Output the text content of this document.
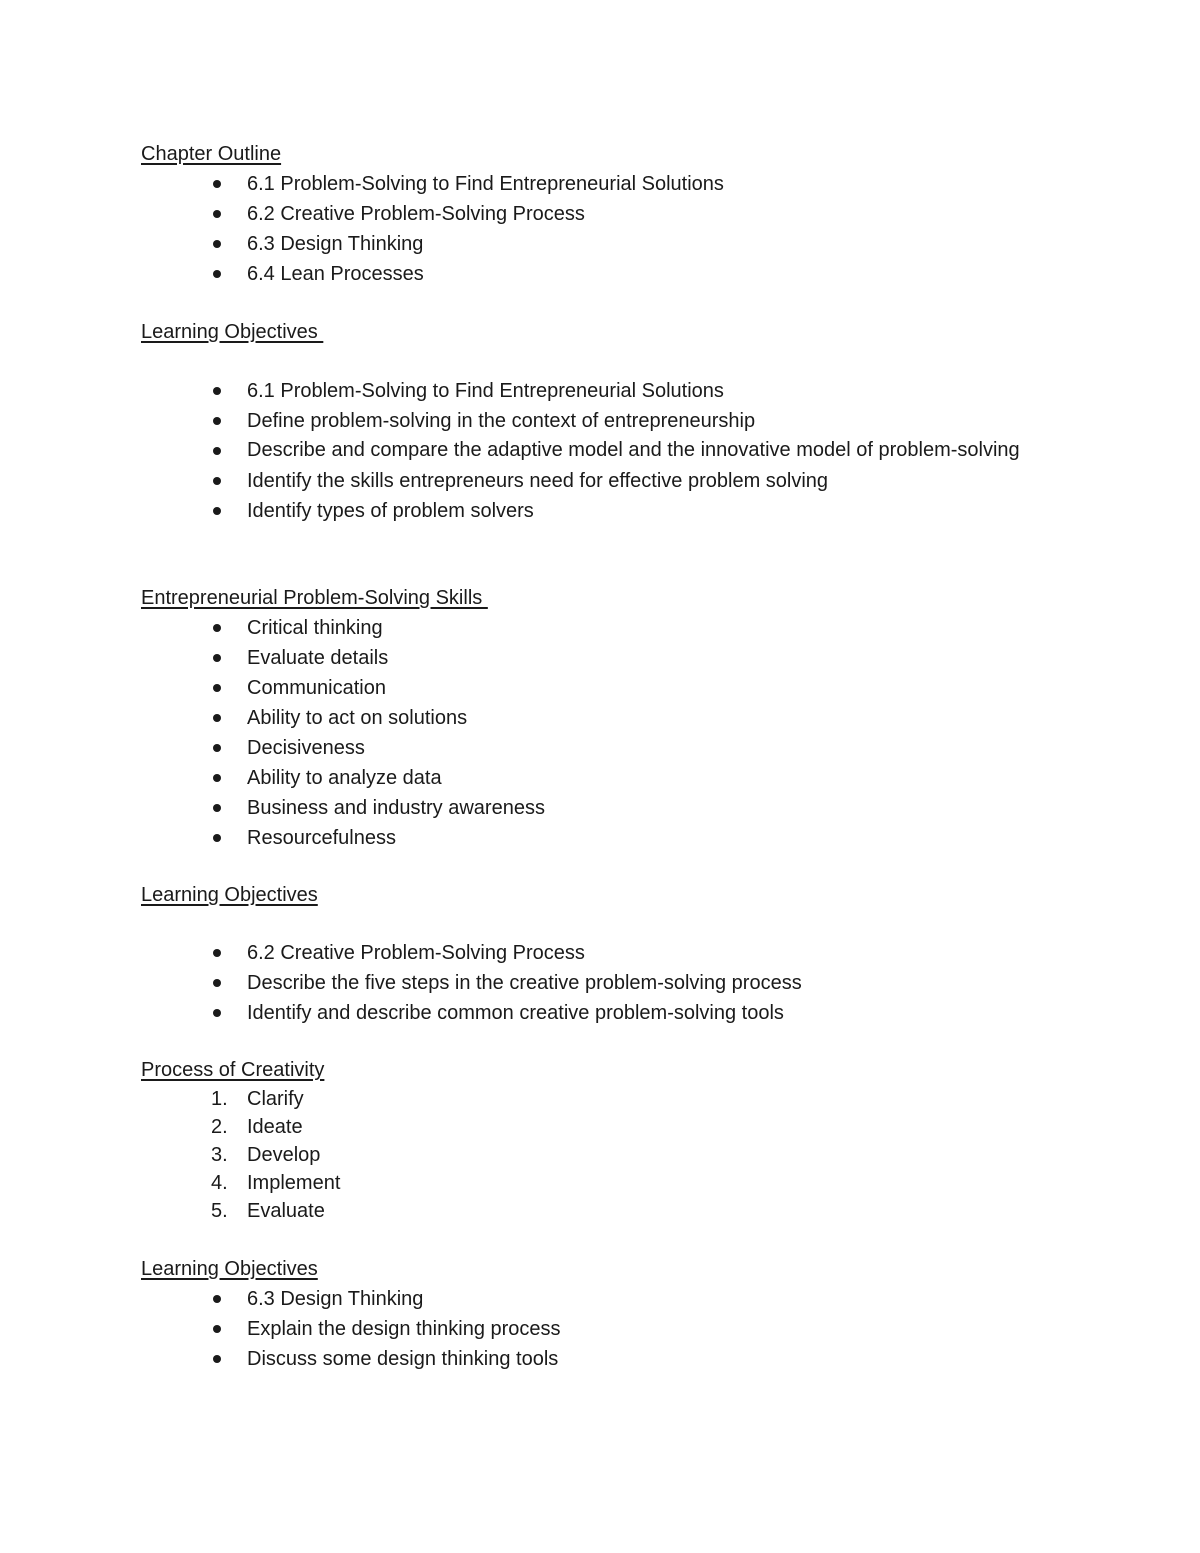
Chapter Outline

6.1 Problem-Solving to Find Entrepreneurial Solutions
6.2 Creative Problem-Solving Process
6.3 Design Thinking
6.4 Lean Processes

Learning Objectives

6.1 Problem-Solving to Find Entrepreneurial Solutions
Define problem-solving in the context of entrepreneurship
Describe and compare the adaptive model and the innovative model of problem-solving
Identify the skills entrepreneurs need for effective problem solving
Identify types of problem solvers

Entrepreneurial Problem-Solving Skills

Critical thinking
Evaluate details
Communication
Ability to act on solutions
Decisiveness
Ability to analyze data
Business and industry awareness
Resourcefulness

Learning Objectives

6.2 Creative Problem-Solving Process
Describe the five steps in the creative problem-solving process
Identify and describe common creative problem-solving tools

Process of Creativity

1. Clarify
2. Ideate
3. Develop
4. Implement
5. Evaluate

Learning Objectives

6.3 Design Thinking
Explain the design thinking process
Discuss some design thinking tools
